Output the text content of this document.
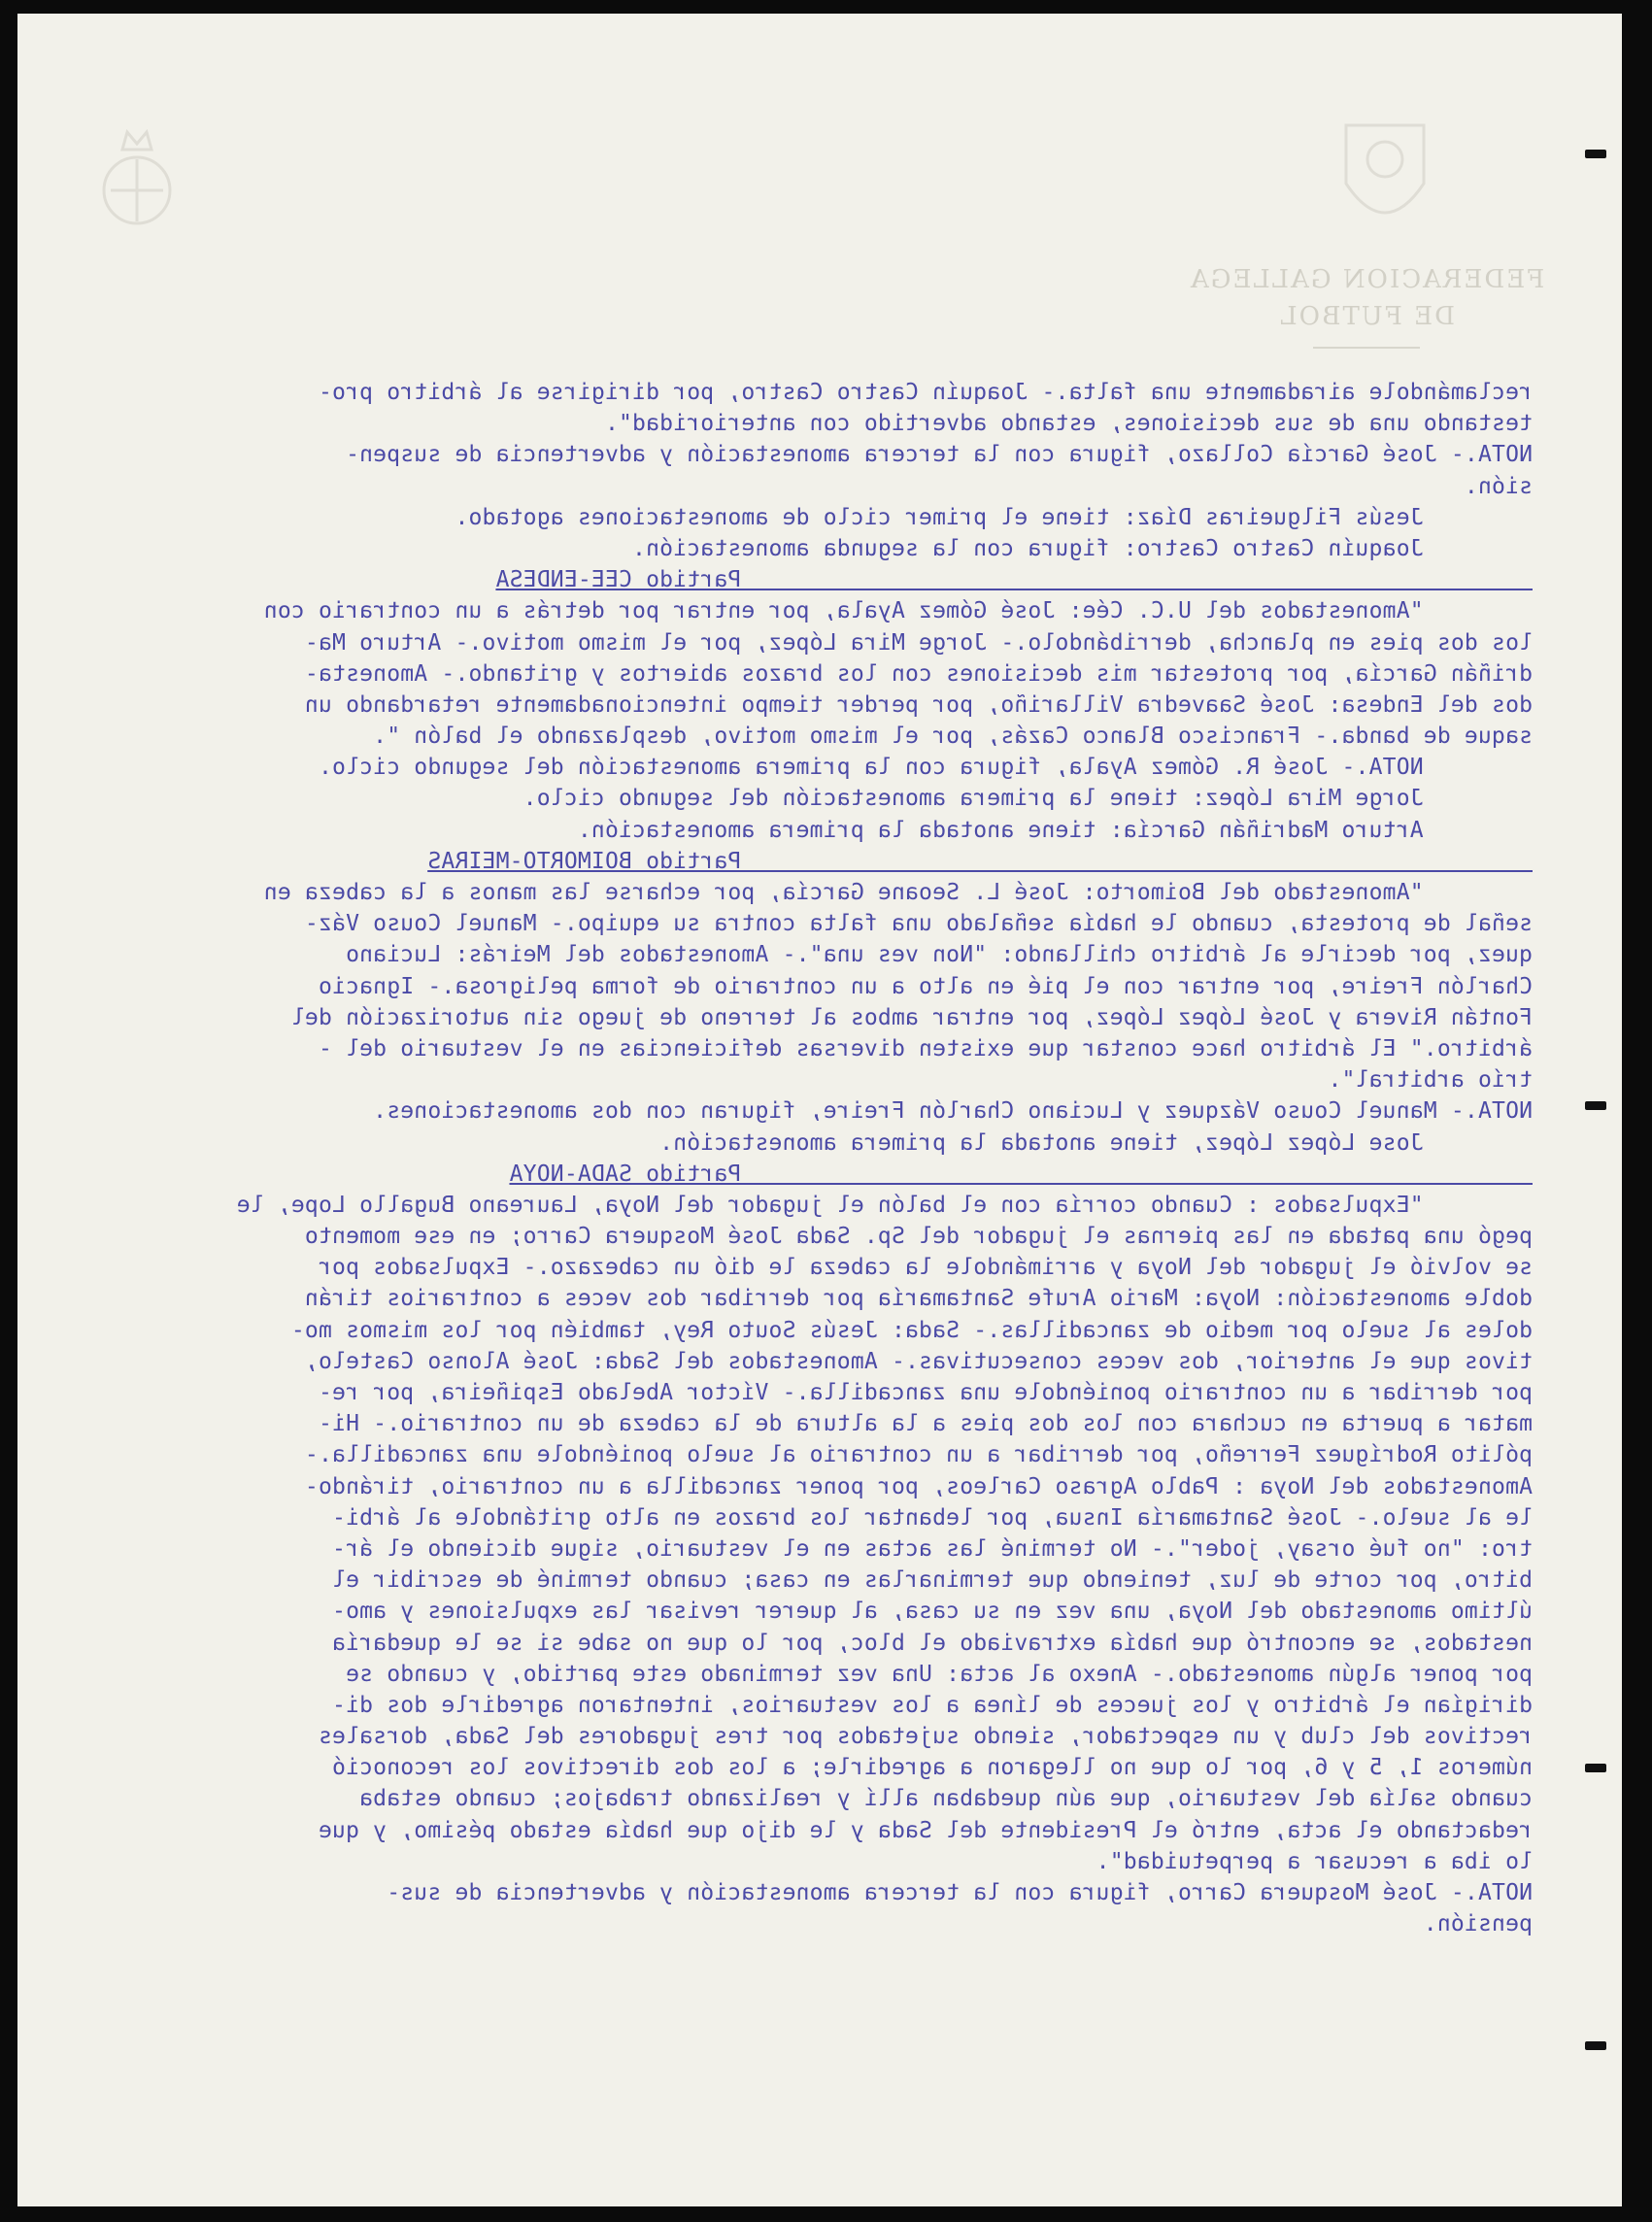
FEDERACION GALLEGA
DE FUTBOL
reclamándole airadamente una falta.- Joaquín Castro Castro, por dirigirse al árbitro pro-
testando una de sus decisiones, estando advertido con anterioridad".
NOTA.- José García Collazo, figura con la tercera amonestación y advertencia de suspen-
sión.
Jesús Filgueiras Díaz: tiene el primer ciclo de amonestaciones agotado.
Joaquín Castro Castro: figura con la segunda amonestación.
Partido CEE-ENDESA
"Amonestados del U.C. Cée: José Gómez Ayala, por entrar por detrás a un contrario con
los dos pies en plancha, derribándolo.- Jorge Mira López, por el mismo motivo.- Arturo Ma-
driñán García, por protestar mis decisiones con los brazos abiertos y gritando.- Amonesta-
dos del Endesa: José Saavedra Villariño, por perder tiempo intencionadamente retardando un
saque de banda.- Francisco Blanco Cazás, por el mismo motivo, desplazando el balón ".
NOTA.- José R. Gómez Ayala, figura con la primera amonestación del segundo ciclo.
Jorge Mira López: tiene la primera amonestación del segundo ciclo.
Arturo Madriñán García: tiene anotada la primera amonestación.
Partido BOIMORTO-MEIRAS
"Amonestado del Boimorto: José L. Seoane García, por echarse las manos a la cabeza en
señal de protesta, cuando le había señalado una falta contra su equipo.- Manuel Couso Váz-
quez, por decirle al árbitro chillando: "Non ves una".- Amonestados del Meirás: Luciano
Charlón Freire, por entrar con el pié en alto a un contrario de forma peligrosa.- Ignacio
Fontán Rivera y José López López, por entrar ambos al terreno de juego sin autorización del
árbitro." El árbitro hace constar que existen diversas deficiencias en el vestuario del -
trío arbitral".
NOTA.- Manuel Couso Vázquez y Luciano Charlón Freire, figuran con dos amonestaciones.
Jose López López, tiene anotada la primera amonestación.
Partido SADA-NOYA
"Expulsados : Cuando corría con el balón el jugador del Noya, Laureano Bugallo Lope, le
pegó una patada en las piernas el jugador del Sp. Sada José Mosquera Carro; en ese momento
se volvió el jugador del Noya y arrimándole la cabeza le dió un cabezazo.- Expulsados por
doble amonestación: Noya: Mario Arufe Santamaría por derribar dos veces a contrarios tirán
doles al suelo por medio de zancadillas.- Sada: Jesús Souto Rey, también por los mismos mo-
tivos que el anterior, dos veces consecutivas.- Amonestados del Sada: José Alonso Castelo,
por derribar a un contrario poniéndole una zancadilla.- Víctor Abelado Espiñeira, por re-
matar a puerta en cuchara con los dos pies a la altura de la cabeza de un contrario.- Hi-
pólito Rodríguez Ferreño, por derribar a un contrario al suelo poniéndole una zancadilla.-
Amonestados del Noya : Pablo Agraso Carleos, por poner zancadilla a un contrario, tirándo-
le al suelo.- José Santamaría Insua, por lebantar los brazos en alto gritándole al árbi-
tro: "no fué orsay, joder".- No terminé las actas en el vestuario, sigue diciendo el ár-
bitro, por corte de luz, teniendo que terminarlas en casa; cuando terminé de escribir el
último amonestado del Noya, una vez en su casa, al querer revisar las expulsiones y amo-
nestados, se encontró que había extraviado el bloc, por lo que no sabe si se le quedaría
por poner algún amonestado.- Anexo al acta: Una vez terminado este partido, y cuando se
dirigían el árbitro y los jueces de línea a los vestuarios, intentaron agredirle dos di-
rectivos del club y un espectador, siendo sujetados por tres jugadores del Sada, dorsales
números 1, 5 y 6, por lo que no llegaron a agredirle; a los dos directivos los reconoció
cuando salía del vestuario, que aún quedaban allí y realizando trabajos; cuando estaba
redactando el acta, entró el Presidente del Sada y le dijo que había estado pésimo, y que
lo iba a recusar a perpetuidad".
NOTA.- José Mosquera Carro, figura con la tercera amonestación y advertencia de sus-
pensión.
